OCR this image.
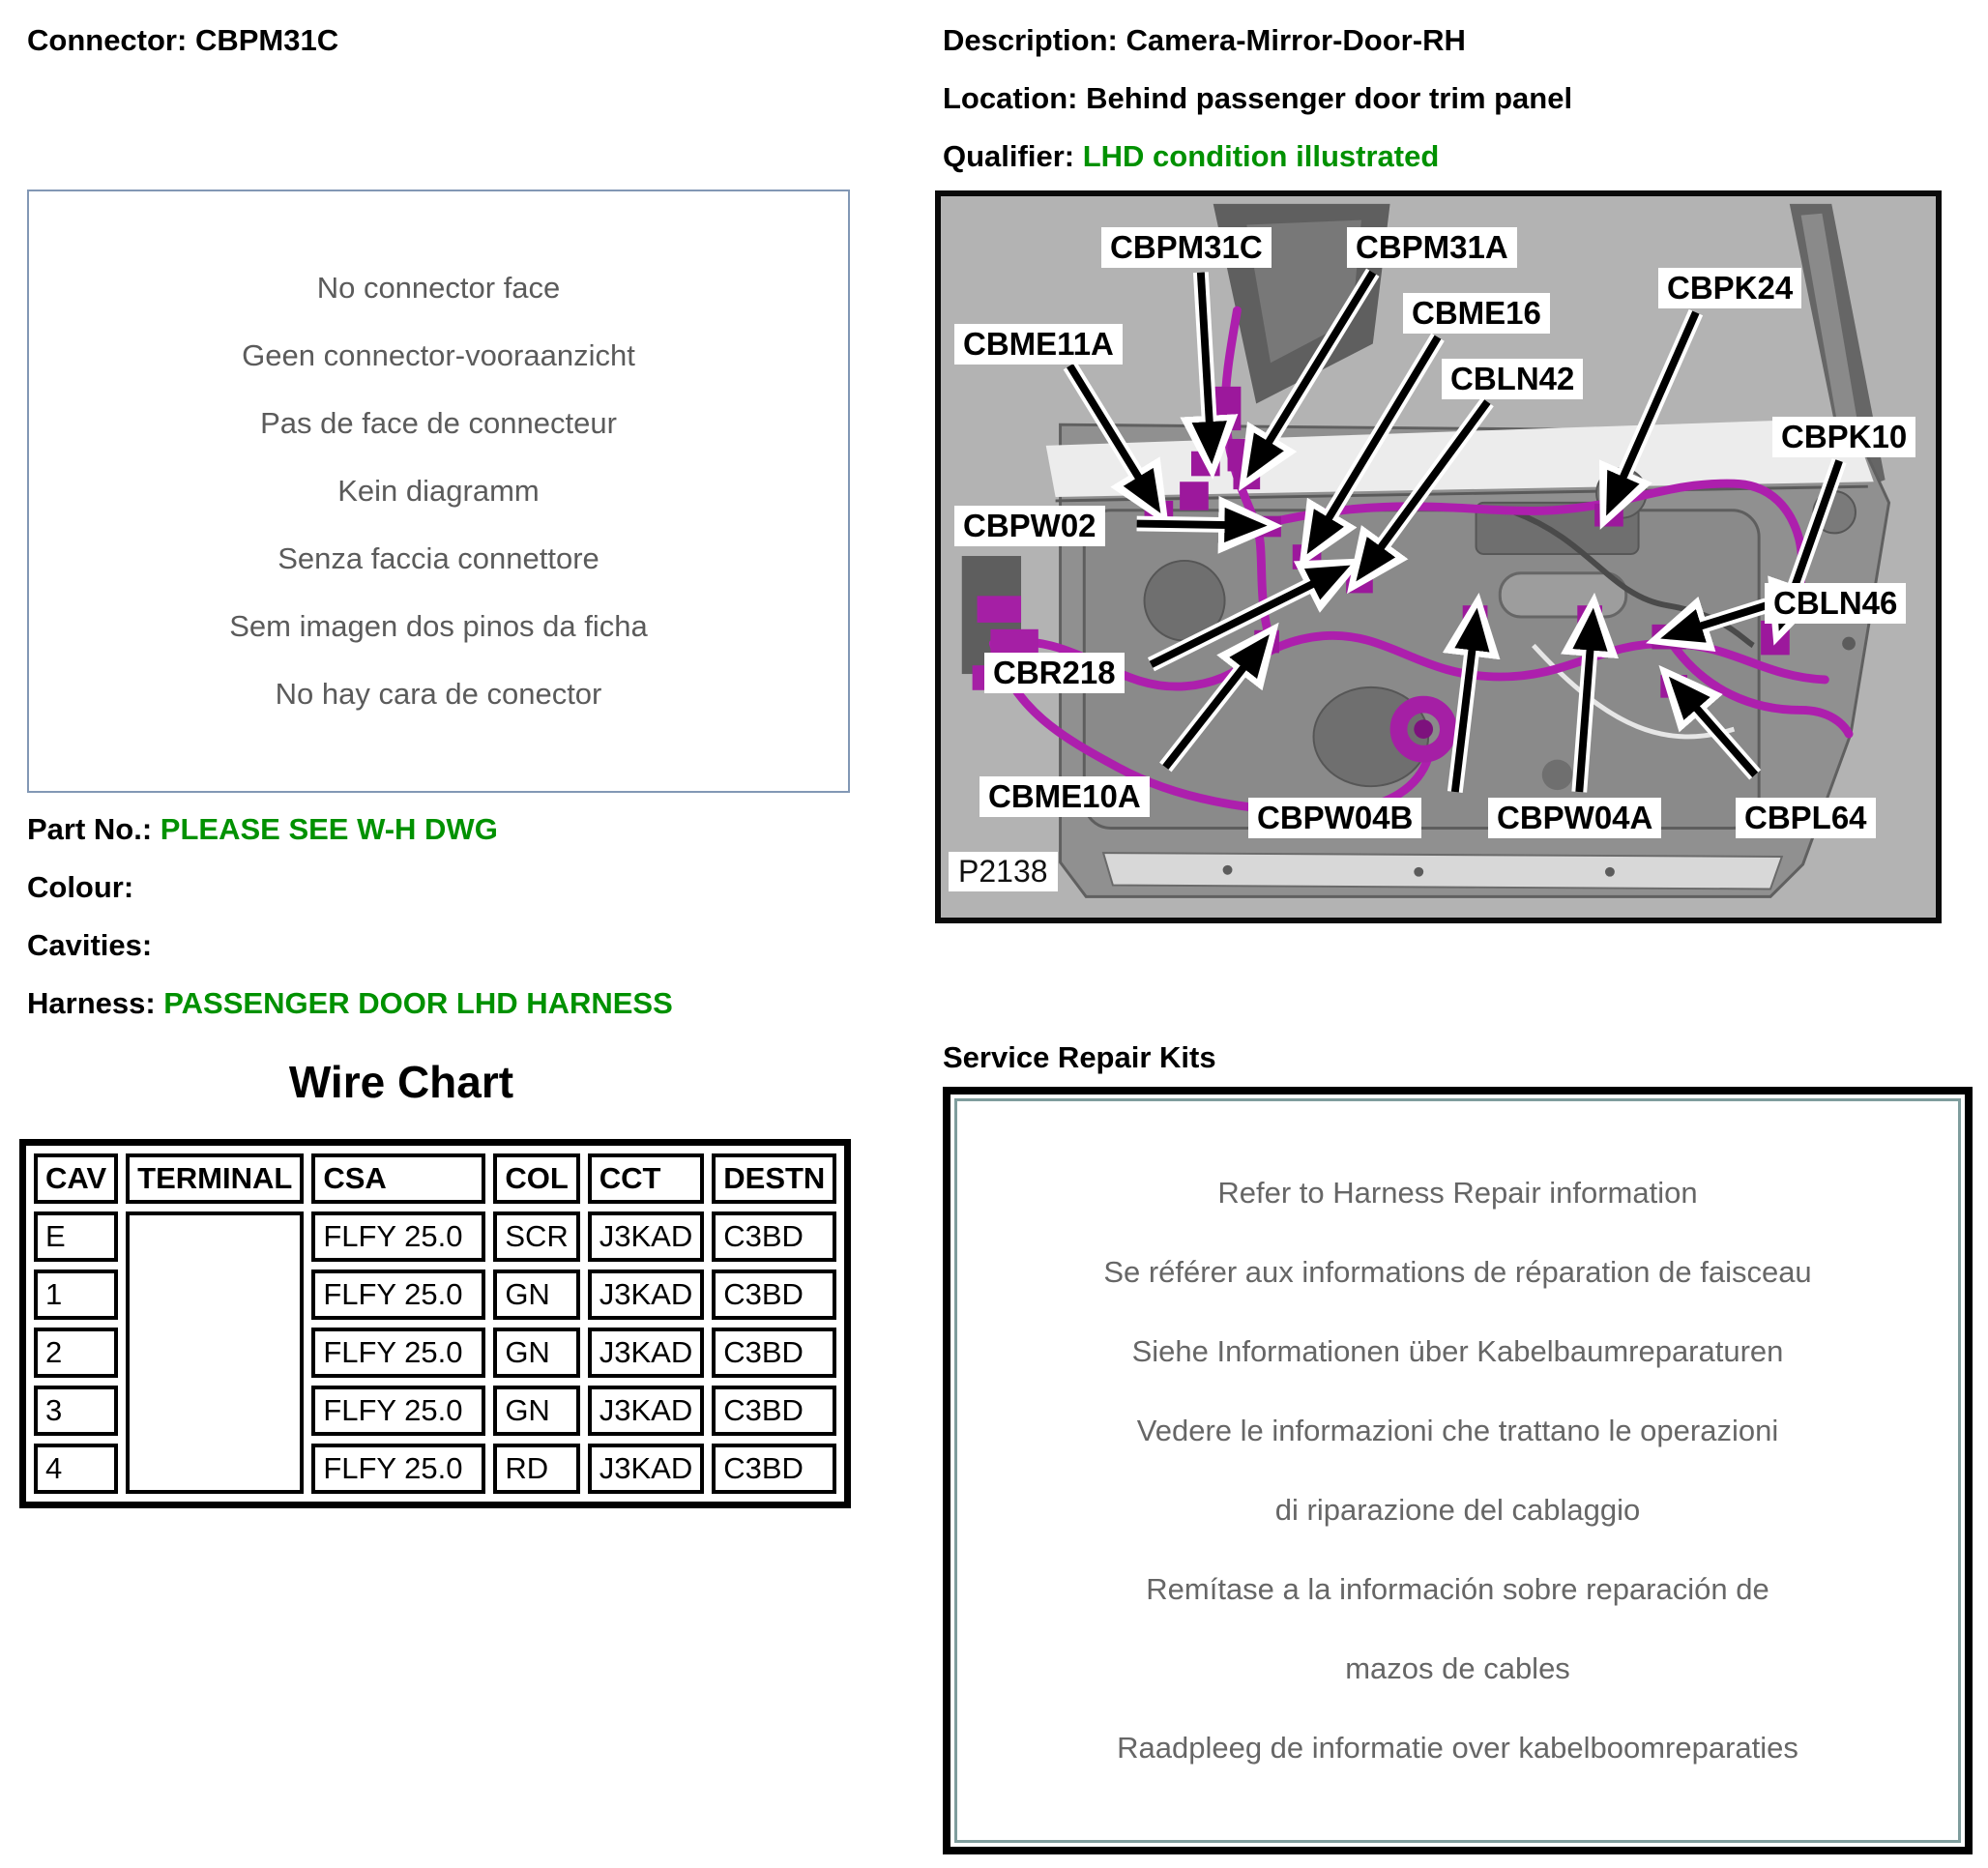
Connector: CBPM31C	Description: Camera-Mirror-Door-RH
Location: Behind passenger door trim panel
Qualifier: LHD condition illustrated
No connector face
Geen connector-vooraanzicht
Pas de face de connecteur
Kein diagramm
Senza faccia connettore
Sem imagen dos pinos da ficha
No hay cara de conector
Part No.: PLEASE SEE W-H DWG
Colour:
Cavities:
Harness: PASSENGER DOOR LHD HARNESS
Wire Chart
CAV	TERMINAL	CSA	COL	CCT	DESTN
E		FLFY 25.0	SCR	J3KAD	C3BD
1		FLFY 25.0	GN	J3KAD	C3BD
2		FLFY 25.0	GN	J3KAD	C3BD
3		FLFY 25.0	GN	J3KAD	C3BD
4		FLFY 25.0	RD	J3KAD	C3BD
CBPM31C	CBPM31A
CBME11A
CBME16
CBPK24
CBLN42
CBPK10
CBPW02
CBLN46
CBR218
CBME10A
CBPW04B	CBPW04A	CBPL64
P2138
Service Repair Kits
Refer to Harness Repair information
Se référer aux informations de réparation de faisceau
Siehe Informationen über Kabelbaumreparaturen
Vedere le informazioni che trattano le operazioni
di riparazione del cablaggio
Remítase a la información sobre reparación de
mazos de cables
Raadpleeg de informatie over kabelboomreparaties
